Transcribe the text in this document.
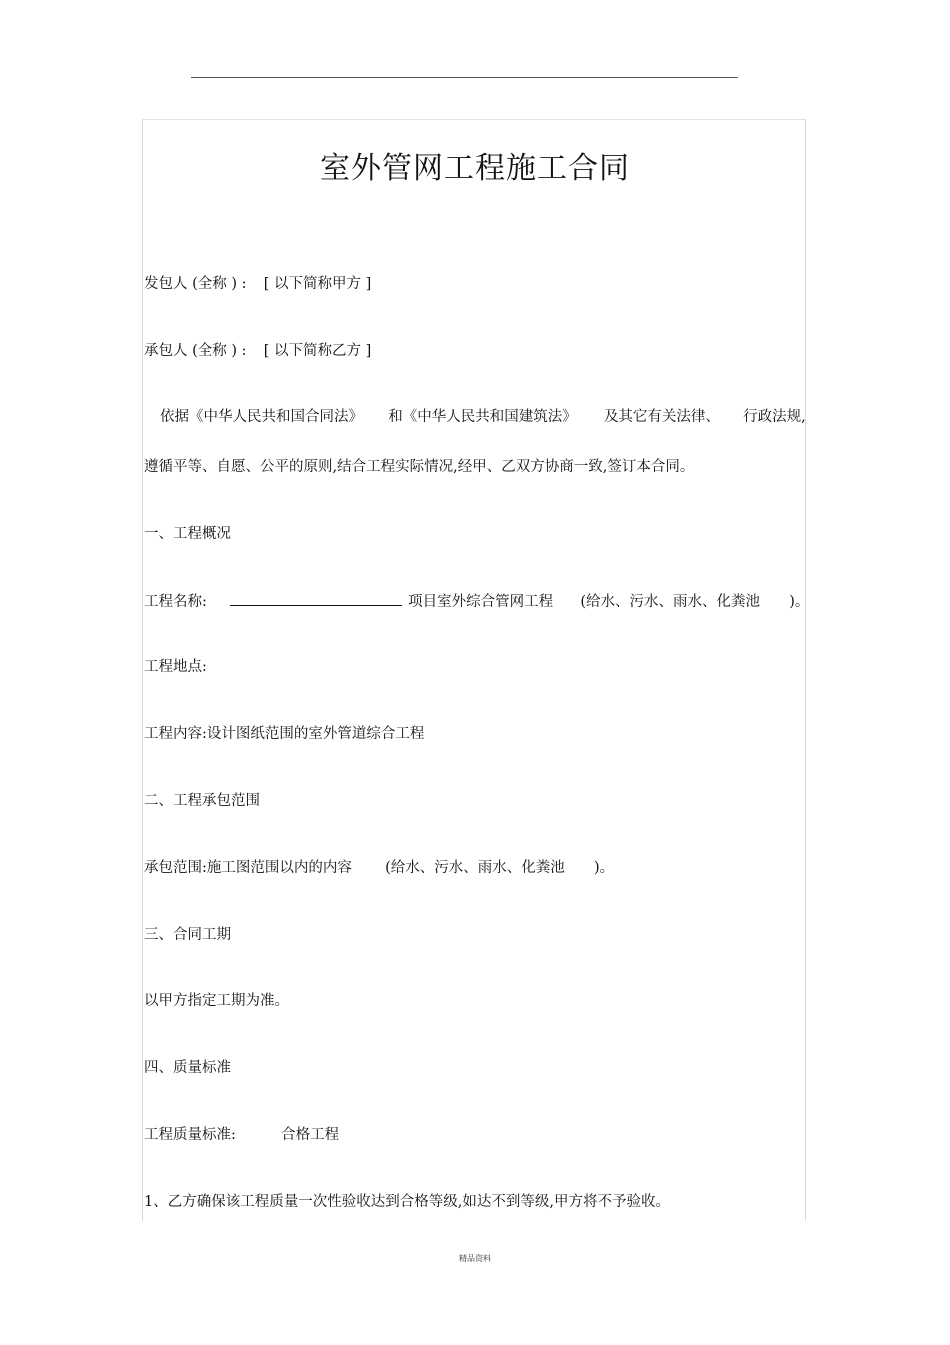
室外管网工程施工合同
发包人 (全称 ) : [ 以下简称甲方 ]
承包人 (全称 ) : [ 以下简称乙方 ]
依据《中华人民共和国合同法》 和《中华人民共和国建筑法》 及其它有关法律、 行政法规,
遵循平等、自愿、公平的原则,结合工程实际情况,经甲、乙双方协商一致,签订本合同。
一、工程概况
工程名称:	项目室外综合管网工程 (给水、污水、雨水、化粪池 )。
工程地点:
工程内容:设计图纸范围的室外管道综合工程
二、工程承包范围
承包范围:施工图范围以内的内容 (给水、污水、雨水、化粪池 )。
三、合同工期
以甲方指定工期为准。
四、质量标准
工程质量标准:	合格工程
1、乙方确保该工程质量一次性验收达到合格等级,如达不到等级,甲方将不予验收。
精品资料
